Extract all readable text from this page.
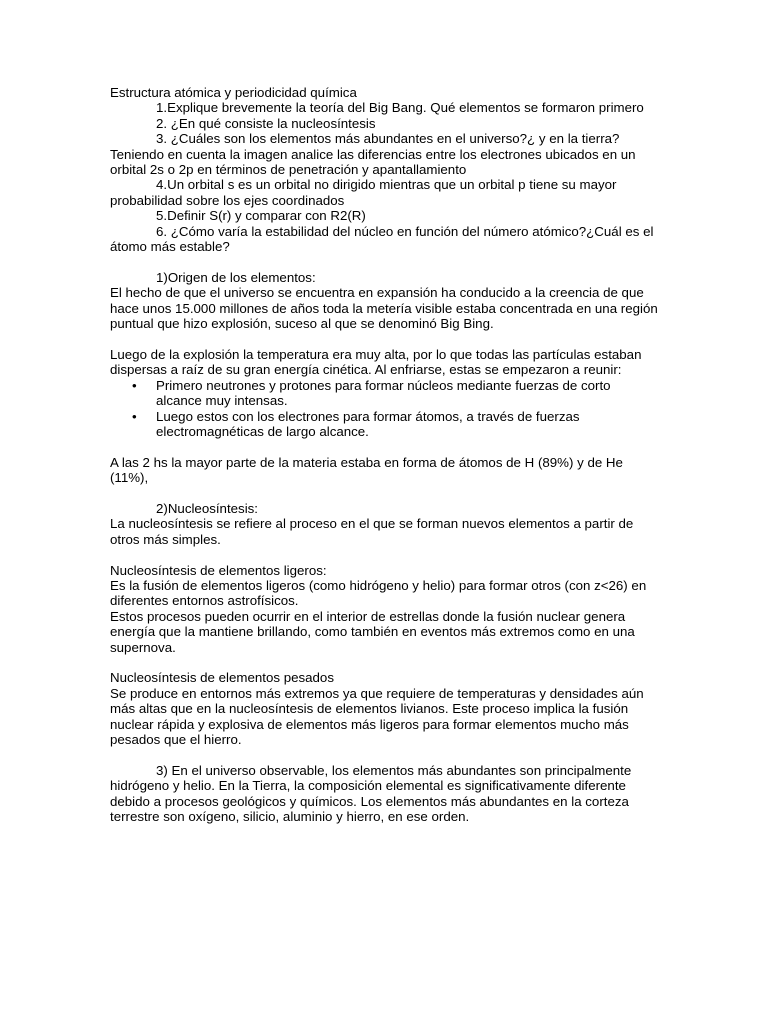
Estructura atómica y periodicidad química

1.Explique brevemente la teoría del Big Bang. Qué elementos se formaron primero

2. ¿En qué consiste la nucleosíntesis

3. ¿Cuáles son los elementos más abundantes en el universo?¿ y en la tierra?

Teniendo en cuenta la imagen analice las diferencias entre los electrones ubicados en un orbital 2s o 2p en términos de penetración y apantallamiento

4.Un orbital s es un orbital no dirigido mientras que un orbital p tiene su mayor probabilidad sobre los ejes coordinados

5.Definir S(r) y comparar con R2(R)

6. ¿Cómo varía la estabilidad del núcleo en función del número atómico?¿Cuál es el átomo más estable?

1)Origen de los elementos:

El hecho de que el universo se encuentra en expansión ha conducido a la creencia de que hace unos 15.000 millones de años toda la metería visible estaba concentrada en una región puntual que hizo explosión, suceso al que se denominó Big Bing.

Luego de la explosión la temperatura era muy alta, por lo que todas las partículas estaban dispersas a raíz de su gran energía cinética. Al enfriarse, estas se empezaron a reunir:

• Primero neutrones y protones para formar núcleos mediante fuerzas de corto alcance muy intensas.
• Luego estos con los electrones para formar átomos, a través de fuerzas electromagnéticas de largo alcance.

A las 2 hs la mayor parte de la materia estaba en forma de átomos de H (89%) y de He (11%),

2)Nucleosíntesis:

La nucleosíntesis se refiere al proceso en el que se forman nuevos elementos a partir de otros más simples.

Nucleosíntesis de elementos ligeros:

Es la fusión de elementos ligeros (como hidrógeno y helio) para formar otros (con z<26) en diferentes entornos astrofísicos.

Estos procesos pueden ocurrir en el interior de estrellas donde la fusión nuclear genera energía que la mantiene brillando, como también en eventos más extremos como en una supernova.

Nucleosíntesis de elementos pesados

Se produce en entornos más extremos ya que requiere de temperaturas y densidades aún más altas que en la nucleosíntesis de elementos livianos. Este proceso implica la fusión nuclear rápida y explosiva de elementos más ligeros para formar elementos mucho más pesados que el hierro.

3) En el universo observable, los elementos más abundantes son principalmente hidrógeno y helio. En la Tierra, la composición elemental es significativamente diferente debido a procesos geológicos y químicos. Los elementos más abundantes en la corteza terrestre son oxígeno, silicio, aluminio y hierro, en ese orden.
